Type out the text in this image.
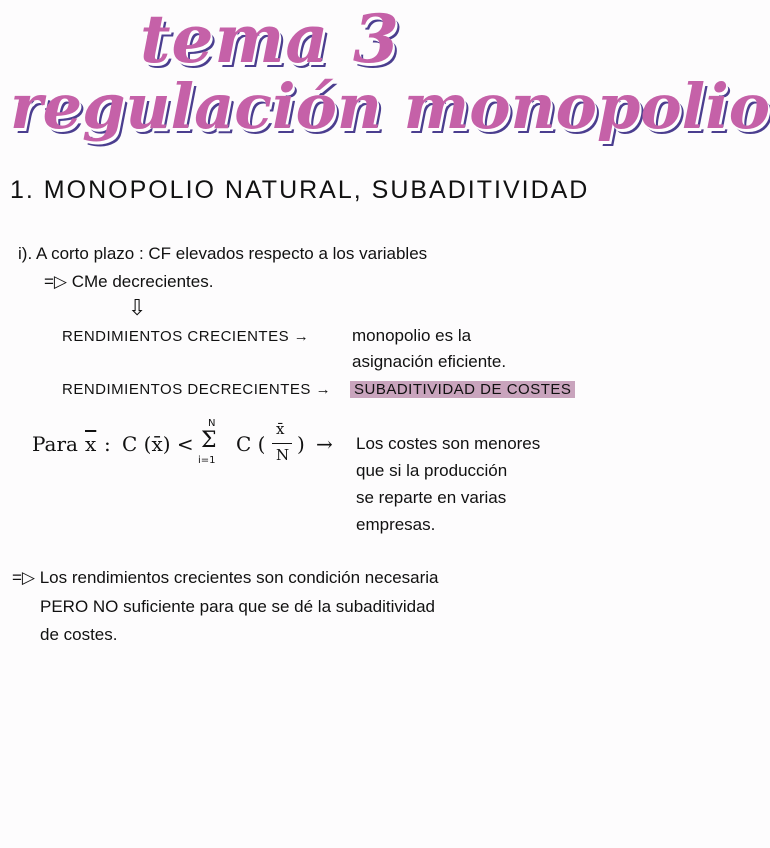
tema 3
regulación monopolio
1. MONOPOLIO NATURAL, SUBADITIVIDAD
i). A corto plazo : CF elevados respecto a los variables
=▷ CMe decrecientes.
⇩
RENDIMIENTOS CRECIENTES →	monopolio es la
asignación eficiente.
RENDIMIENTOS DECRECIENTES → SUBADITIVIDAD DE COSTES
Para $\overline{x}$ : C (x̄) <
N
Σ
i=1
C (
x̄
N ) → Los costes son menores
que si la producción
se reparte en varias
empresas.
=▷ Los rendimientos crecientes son condición necesaria
PERO NO suficiente para que se dé la subaditividad
de costes.
